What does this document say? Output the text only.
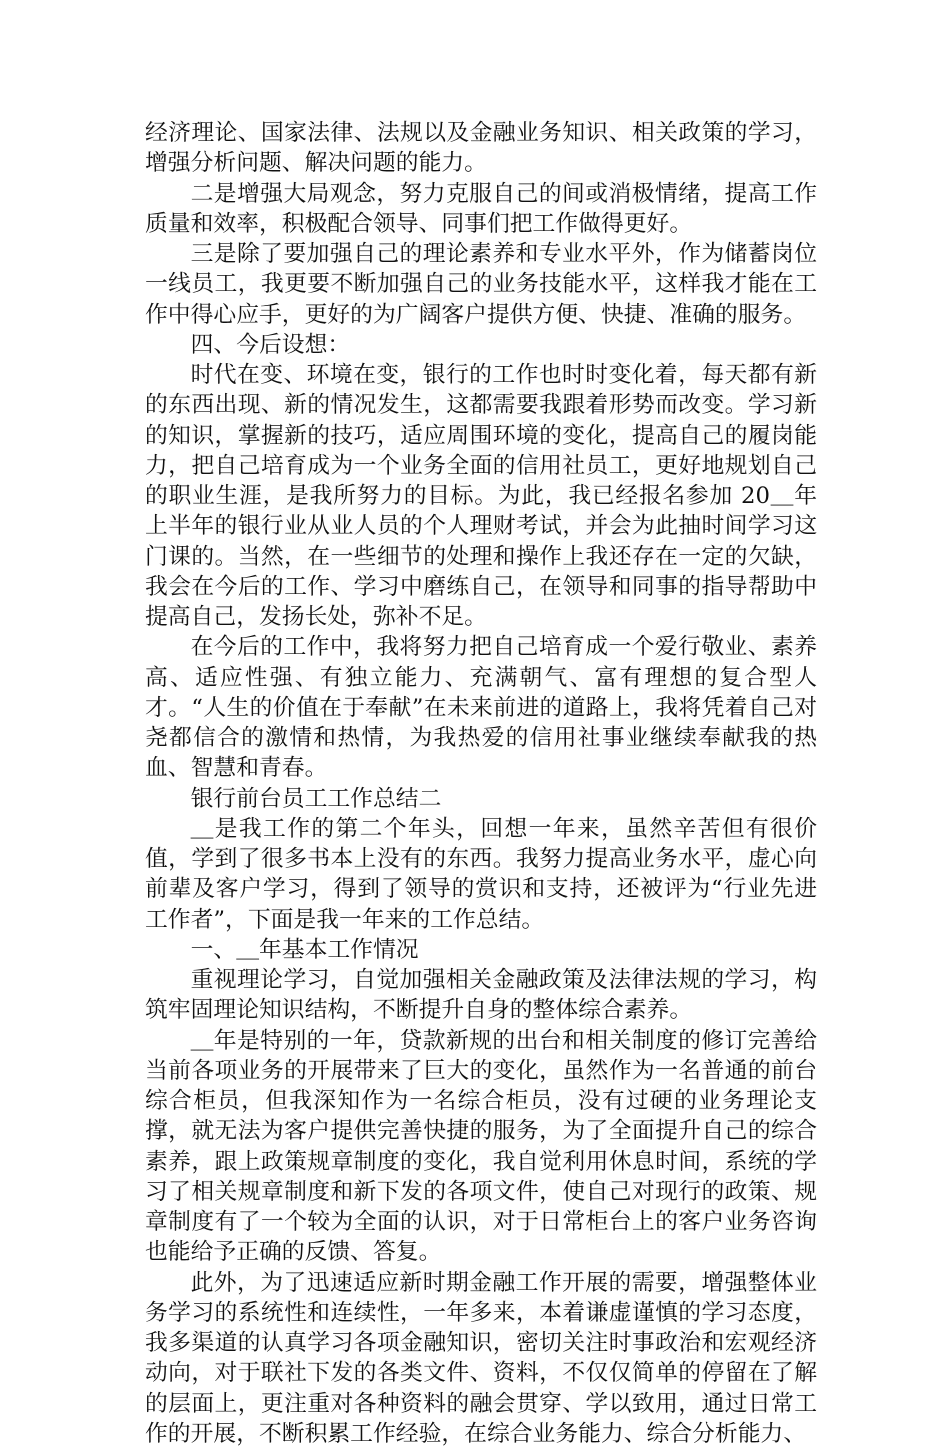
经济理论、国家法律、法规以及金融业务知识、相关政策的学习，增强分析问题、解决问题的能力。

二是增强大局观念，努力克服自己的间或消极情绪，提高工作质量和效率，积极配合领导、同事们把工作做得更好。

三是除了要加强自己的理论素养和专业水平外，作为储蓄岗位一线员工，我更要不断加强自己的业务技能水平，这样我才能在工作中得心应手，更好的为广阔客户提供方便、快捷、准确的服务。

四、今后设想：

时代在变、环境在变，银行的工作也时时变化着，每天都有新的东西出现、新的情况发生，这都需要我跟着形势而改变。学习新的知识，掌握新的技巧，适应周围环境的变化，提高自己的履岗能力，把自己培育成为一个业务全面的信用社员工，更好地规划自己的职业生涯，是我所努力的目标。为此，我已经报名参加 20＿年上半年的银行业从业人员的个人理财考试，并会为此抽时间学习这门课的。当然，在一些细节的处理和操作上我还存在一定的欠缺，我会在今后的工作、学习中磨练自己，在领导和同事的指导帮助中提高自己，发扬长处，弥补不足。

在今后的工作中，我将努力把自己培育成一个爱行敬业、素养高、适应性强、有独立能力、充满朝气、富有理想的复合型人才。“人生的价值在于奉献”在未来前进的道路上，我将凭着自己对尧都信合的激情和热情，为我热爱的信用社事业继续奉献我的热血、智慧和青春。

银行前台员工工作总结二

＿是我工作的第二个年头，回想一年来，虽然辛苦但有很价值，学到了很多书本上没有的东西。我努力提高业务水平，虚心向前辈及客户学习，得到了领导的赏识和支持，还被评为“行业先进工作者”，下面是我一年来的工作总结。

一、＿年基本工作情况

重视理论学习，自觉加强相关金融政策及法律法规的学习，构筑牢固理论知识结构，不断提升自身的整体综合素养。

＿年是特别的一年，贷款新规的出台和相关制度的修订完善给当前各项业务的开展带来了巨大的变化，虽然作为一名普通的前台综合柜员，但我深知作为一名综合柜员，没有过硬的业务理论支撑，就无法为客户提供完善快捷的服务，为了全面提升自己的综合素养，跟上政策规章制度的变化，我自觉利用休息时间，系统的学习了相关规章制度和新下发的各项文件，使自己对现行的政策、规章制度有了一个较为全面的认识，对于日常柜台上的客户业务咨询也能给予正确的反馈、答复。

此外，为了迅速适应新时期金融工作开展的需要，增强整体业务学习的系统性和连续性，一年多来，本着谦虚谨慎的学习态度，我多渠道的认真学习各项金融知识，密切关注时事政治和宏观经济动向，对于联社下发的各类文件、资料，不仅仅简单的停留在了解的层面上，更注重对各种资料的融会贯穿、学以致用，通过日常工作的开展，不断积累工作经验，在综合业务能力、综合分析能力、
